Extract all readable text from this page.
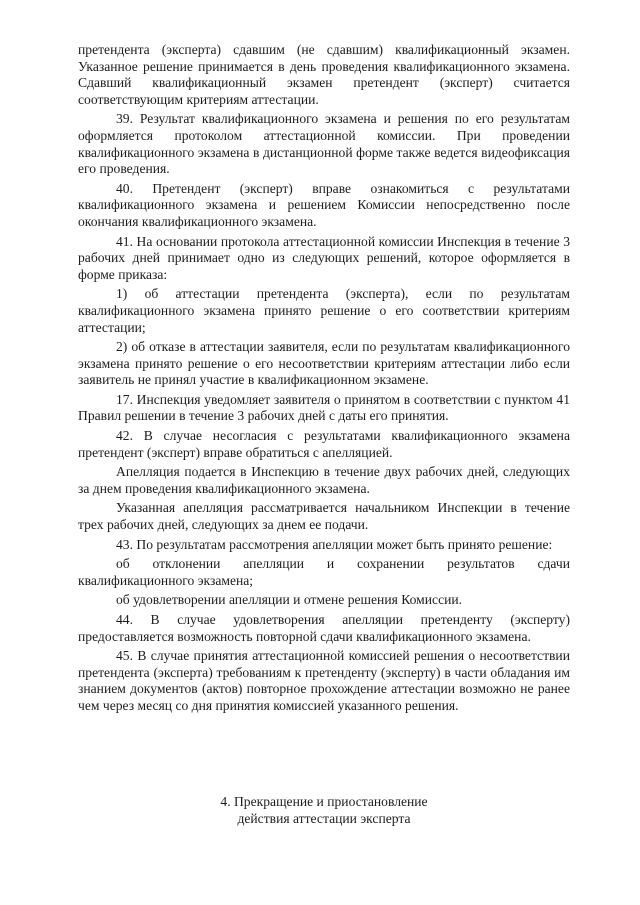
претендента (эксперта) сдавшим (не сдавшим) квалификационный экзамен. Указанное решение принимается в день проведения квалификационного экзамена. Сдавший квалификационный экзамен претендент (эксперт) считается соответствующим критериям аттестации.

39. Результат квалификационного экзамена и решения по его результатам оформляется протоколом аттестационной комиссии. При проведении квалификационного экзамена в дистанционной форме также ведется видеофиксация его проведения.

40. Претендент (эксперт) вправе ознакомиться с результатами квалификационного экзамена и решением Комиссии непосредственно после окончания квалификационного экзамена.

41. На основании протокола аттестационной комиссии Инспекция в течение 3 рабочих дней принимает одно из следующих решений, которое оформляется в форме приказа:

1) об аттестации претендента (эксперта), если по результатам квалификационного экзамена принято решение о его соответствии критериям аттестации;

2) об отказе в аттестации заявителя, если по результатам квалификационного экзамена принято решение о его несоответствии критериям аттестации либо если заявитель не принял участие в квалификационном экзамене.

17. Инспекция уведомляет заявителя о принятом в соответствии с пунктом 41 Правил решении в течение 3 рабочих дней с даты его принятия.

42. В случае несогласия с результатами квалификационного экзамена претендент (эксперт) вправе обратиться с апелляцией.

Апелляция подается в Инспекцию в течение двух рабочих дней, следующих за днем проведения квалификационного экзамена.

Указанная апелляция рассматривается начальником Инспекции в течение трех рабочих дней, следующих за днем ее подачи.

43. По результатам рассмотрения апелляции может быть принято решение:

об отклонении апелляции и сохранении результатов сдачи квалификационного экзамена;

об удовлетворении апелляции и отмене решения Комиссии.

44. В случае удовлетворения апелляции претенденту (эксперту) предоставляется возможность повторной сдачи квалификационного экзамена.

45. В случае принятия аттестационной комиссией решения о несоответствии претендента (эксперта) требованиям к претенденту (эксперту) в части обладания им знанием документов (актов) повторное прохождение аттестации возможно не ранее чем через месяц со дня принятия комиссией указанного решения.

4. Прекращение и приостановление
действия аттестации эксперта
